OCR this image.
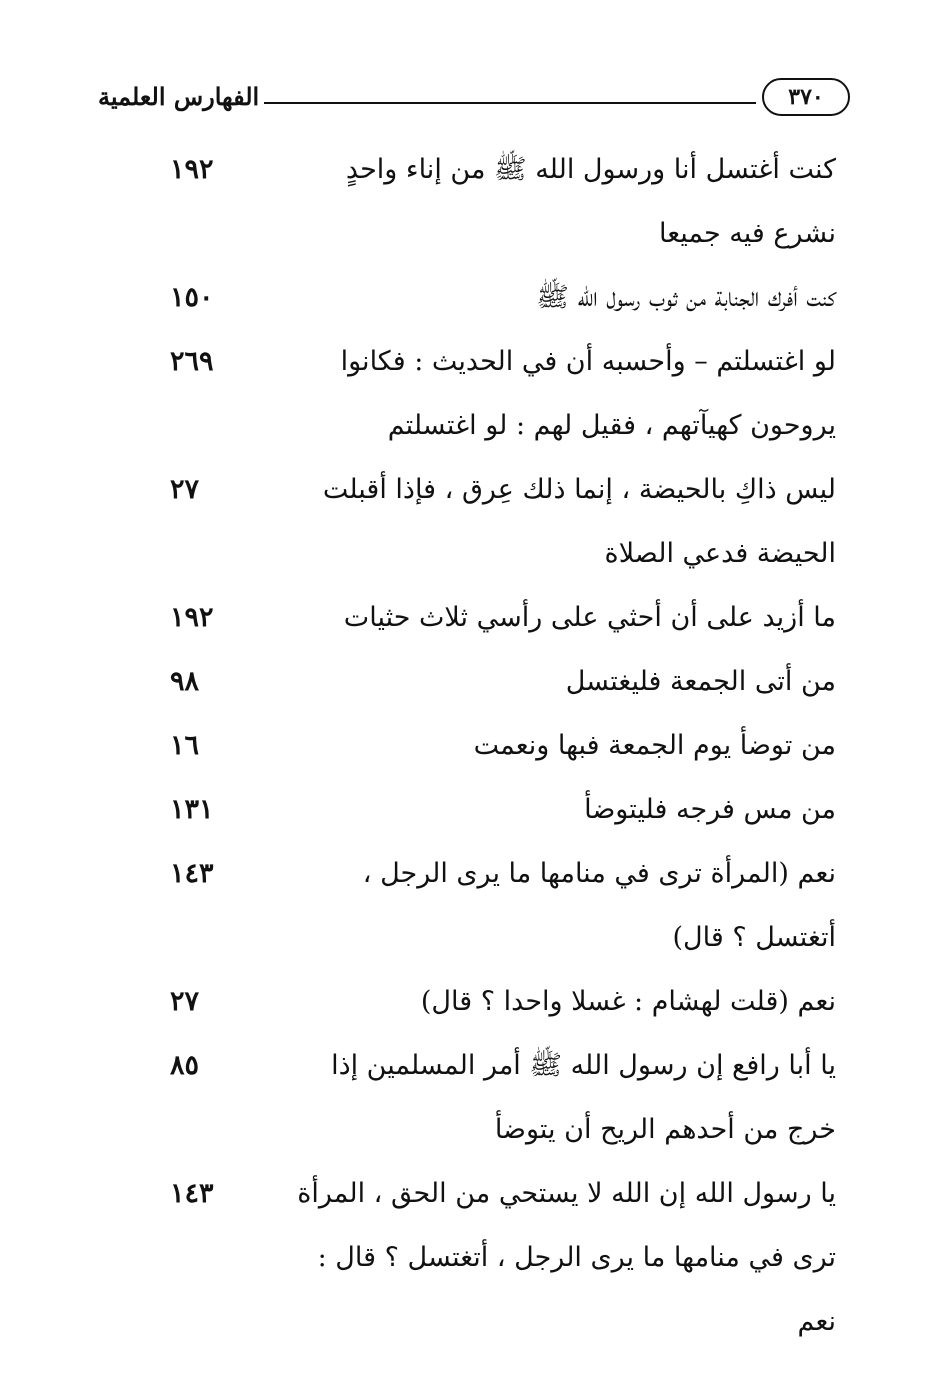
الفهارس العلمية	٣٧٠
كنت أغتسل أنا ورسول الله ﷺ من إناء واحدٍ نشرع فيه جميعا
١٩٢
كنت أفرك الجنابة من ثوب رسول الله ﷺ
١٥٠
لو اغتسلتم – وأحسبه أن في الحديث : فكانوا يروحون كهيآتهم ، فقيل لهم : لو اغتسلتم
٢٦٩
ليس ذاكِ بالحيضة ، إنما ذلك عِرق ، فإذا أقبلت الحيضة فدعي الصلاة
٢٧
ما أزيد على أن أحثي على رأسي ثلاث حثيات
١٩٢
من أتى الجمعة فليغتسل
٩٨
من توضأ يوم الجمعة فبها ونعمت
١٦
من مس فرجه فليتوضأ
١٣١
نعم (المرأة ترى في منامها ما يرى الرجل ، أتغتسل ؟ قال)
١٤٣
نعم (قلت لهشام : غسلا واحدا ؟ قال)
٢٧
يا أبا رافع إن رسول الله ﷺ أمر المسلمين إذا خرج من أحدهم الريح أن يتوضأ
٨٥
يا رسول الله إن الله لا يستحي من الحق ، المرأة ترى في منامها ما يرى الرجل ، أتغتسل ؟ قال : نعم
١٤٣
